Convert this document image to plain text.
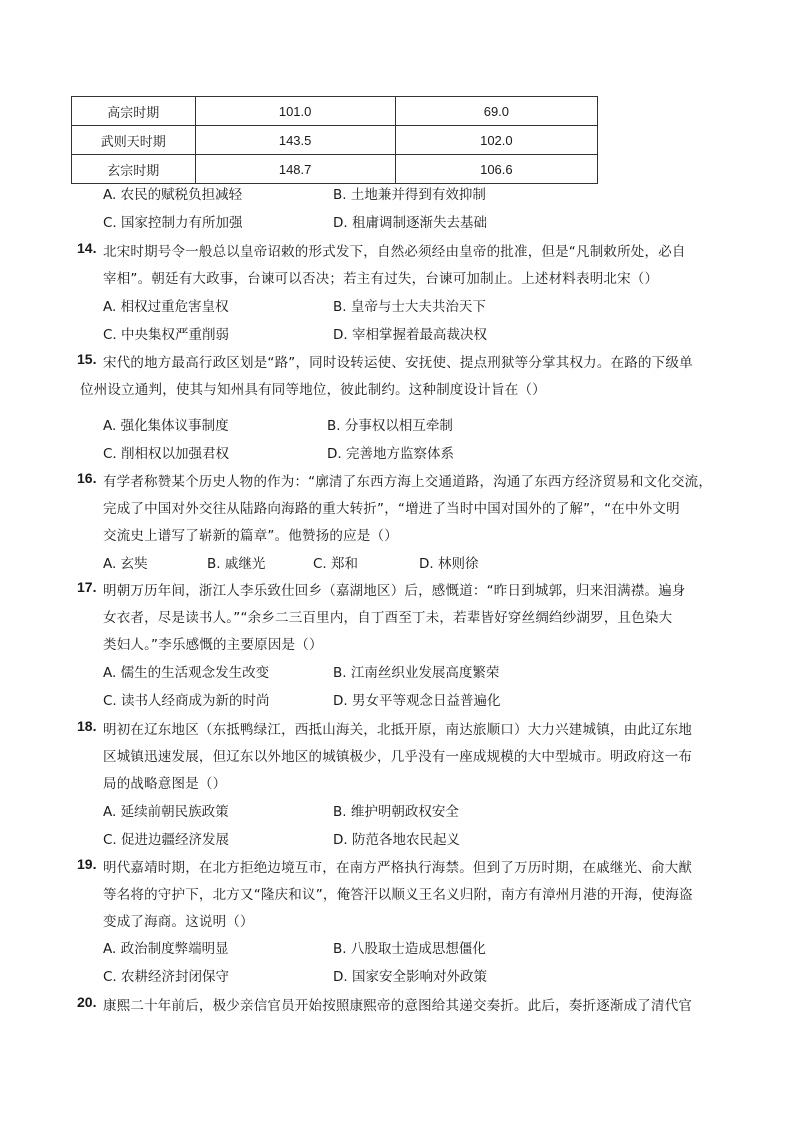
高宗时期	101.0	69.0
武则天时期	143.5	102.0
玄宗时期	148.7	106.6
A. 农民的赋税负担减轻	B. 土地兼并得到有效抑制
C. 国家控制力有所加强	D. 租庸调制逐渐失去基础
14. 北宋时期号令一般总以皇帝诏敕的形式发下，自然必须经由皇帝的批准，但是“凡制敕所处，必自
宰相”。朝廷有大政事，台谏可以否决；若主有过失，台谏可加制止。上述材料表明北宋（）
A. 相权过重危害皇权	B. 皇帝与士大夫共治天下
C. 中央集权严重削弱	D. 宰相掌握着最高裁决权
15. 宋代的地方最高行政区划是“路”，同时设转运使、安抚使、提点刑狱等分掌其权力。在路的下级单
位州设立通判，使其与知州具有同等地位，彼此制约。这种制度设计旨在（）
A. 强化集体议事制度	B. 分事权以相互牵制
C. 削相权以加强君权	D. 完善地方监察体系
16. 有学者称赞某个历史人物的作为：“廓清了东西方海上交通道路，沟通了东西方经济贸易和文化交流，
完成了中国对外交往从陆路向海路的重大转折”，“增进了当时中国对国外的了解”，“在中外文明
交流史上谱写了崭新的篇章”。他赞扬的应是（）
A. 玄奘	B. 戚继光	C. 郑和	D. 林则徐
17. 明朝万历年间，浙江人李乐致仕回乡（嘉湖地区）后，感慨道：“昨日到城郭，归来泪满襟。遍身
女衣者，尽是读书人。”“余乡二三百里内，自丁酉至丁未，若辈皆好穿丝绸绉纱湖罗，且色染大
类妇人。”李乐感慨的主要原因是（）
A. 儒生的生活观念发生改变	B. 江南丝织业发展高度繁荣
C. 读书人经商成为新的时尚	D. 男女平等观念日益普遍化
18. 明初在辽东地区（东抵鸭绿江，西抵山海关，北抵开原，南达旅顺口）大力兴建城镇，由此辽东地
区城镇迅速发展，但辽东以外地区的城镇极少，几乎没有一座成规模的大中型城市。明政府这一布
局的战略意图是（）
A. 延续前朝民族政策	B. 维护明朝政权安全
C. 促进边疆经济发展	D. 防范各地农民起义
19. 明代嘉靖时期，在北方拒绝边境互市，在南方严格执行海禁。但到了万历时期，在戚继光、俞大猷
等名将的守护下，北方又“隆庆和议”，俺答汗以顺义王名义归附，南方有漳州月港的开海，使海盗
变成了海商。这说明（）
A. 政治制度弊端明显	B. 八股取士造成思想僵化
C. 农耕经济封闭保守	D. 国家安全影响对外政策
20. 康熙二十年前后，极少亲信官员开始按照康熙帝的意图给其递交奏折。此后，奏折逐渐成了清代官
